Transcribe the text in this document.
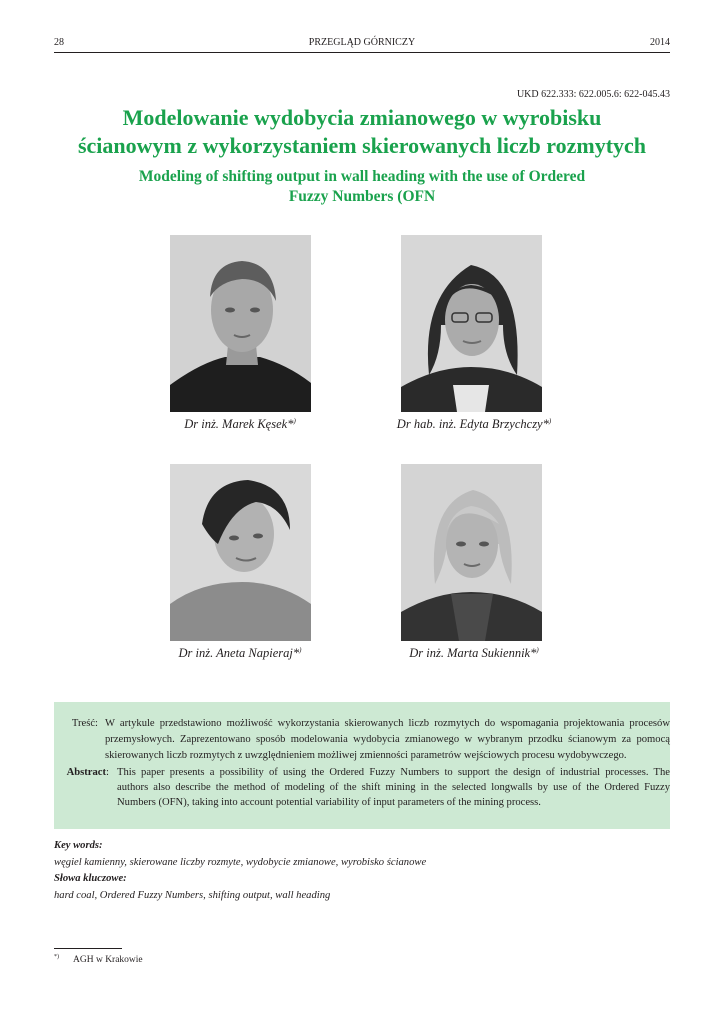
28	PRZEGLĄD GÓRNICZY	2014
UKD 622.333: 622.005.6: 622-045.43
Modelowanie wydobycia zmianowego w wyrobisku
ścianowym z wykorzystaniem skierowanych liczb rozmytych
Modeling of shifting output in wall heading with the use of Ordered
Fuzzy Numbers (OFN
Dr inż. Marek Kęsek*)	Dr hab. inż. Edyta Brzychczy*)
Dr inż. Aneta Napieraj*)	Dr inż. Marta Sukiennik*)
Treść: W artykule przedstawiono możliwość wykorzystania skierowanych liczb rozmytych do wspomagania projektowania procesów
przemysłowych. Zaprezentowano sposób modelowania wydobycia zmianowego w wybranym przodku ścianowym za pomocą
skierowanych liczb rozmytych z uwzględnieniem możliwej zmienności parametrów wejściowych procesu wydobywczego.
Abstract : This paper presents a possibility of using the Ordered Fuzzy Numbers to support the design of industrial processes. The
authors also describe the method of modeling of the shift mining in the selected longwalls by use of the Ordered Fuzzy
Numbers (OFN), taking into account potential variability of input parameters of the mining process.
Key words:
węgiel kamienny, skierowane liczby rozmyte, wydobycie zmianowe, wyrobisko ścianowe
Słowa kluczowe:
hard coal, Ordered Fuzzy Numbers, shifting output, wall heading
*) AGH w Krakowie
